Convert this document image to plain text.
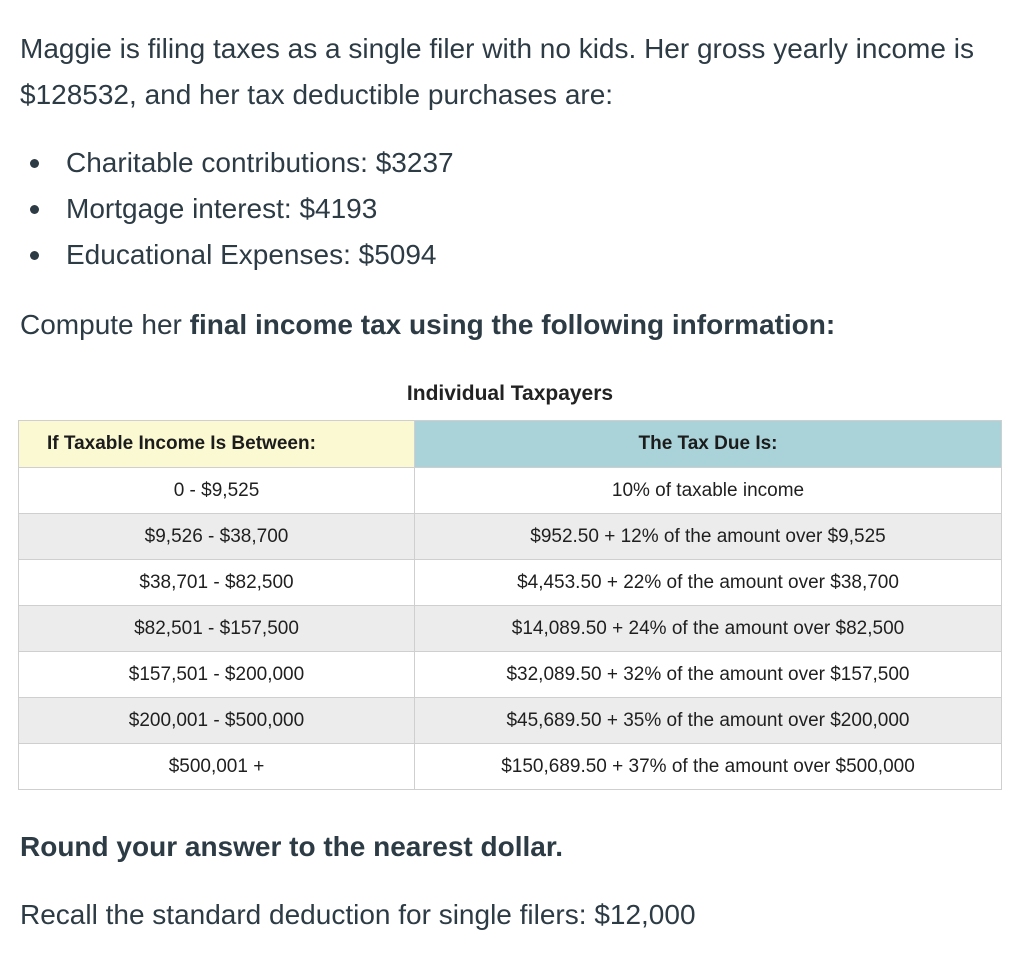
Maggie is filing taxes as a single filer with no kids. Her gross yearly income is $128532, and her tax deductible purchases are:

Charitable contributions: $3237
Mortgage interest: $4193
Educational Expenses: $5094

Compute her final income tax using the following information:

Individual Taxpayers
If Taxable Income Is Between:	The Tax Due Is:
0 - $9,525	10% of taxable income
$9,526 - $38,700	$952.50 + 12% of the amount over $9,525
$38,701 - $82,500	$4,453.50 + 22% of the amount over $38,700
$82,501 - $157,500	$14,089.50 + 24% of the amount over $82,500
$157,501 - $200,000	$32,089.50 + 32% of the amount over $157,500
$200,001 - $500,000	$45,689.50 + 35% of the amount over $200,000
$500,001 +	$150,689.50 + 37% of the amount over $500,000

Round your answer to the nearest dollar.

Recall the standard deduction for single filers: $12,000
